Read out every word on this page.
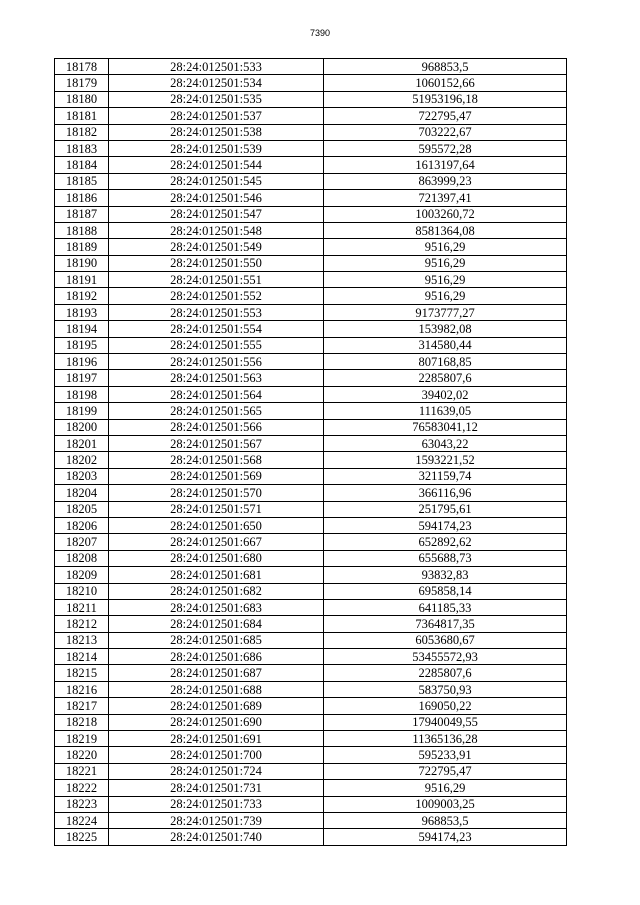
7390
18178	28:24:012501:533	968853,5
18179	28:24:012501:534	1060152,66
18180	28:24:012501:535	51953196,18
18181	28:24:012501:537	722795,47
18182	28:24:012501:538	703222,67
18183	28:24:012501:539	595572,28
18184	28:24:012501:544	1613197,64
18185	28:24:012501:545	863999,23
18186	28:24:012501:546	721397,41
18187	28:24:012501:547	1003260,72
18188	28:24:012501:548	8581364,08
18189	28:24:012501:549	9516,29
18190	28:24:012501:550	9516,29
18191	28:24:012501:551	9516,29
18192	28:24:012501:552	9516,29
18193	28:24:012501:553	9173777,27
18194	28:24:012501:554	153982,08
18195	28:24:012501:555	314580,44
18196	28:24:012501:556	807168,85
18197	28:24:012501:563	2285807,6
18198	28:24:012501:564	39402,02
18199	28:24:012501:565	111639,05
18200	28:24:012501:566	76583041,12
18201	28:24:012501:567	63043,22
18202	28:24:012501:568	1593221,52
18203	28:24:012501:569	321159,74
18204	28:24:012501:570	366116,96
18205	28:24:012501:571	251795,61
18206	28:24:012501:650	594174,23
18207	28:24:012501:667	652892,62
18208	28:24:012501:680	655688,73
18209	28:24:012501:681	93832,83
18210	28:24:012501:682	695858,14
18211	28:24:012501:683	641185,33
18212	28:24:012501:684	7364817,35
18213	28:24:012501:685	6053680,67
18214	28:24:012501:686	53455572,93
18215	28:24:012501:687	2285807,6
18216	28:24:012501:688	583750,93
18217	28:24:012501:689	169050,22
18218	28:24:012501:690	17940049,55
18219	28:24:012501:691	11365136,28
18220	28:24:012501:700	595233,91
18221	28:24:012501:724	722795,47
18222	28:24:012501:731	9516,29
18223	28:24:012501:733	1009003,25
18224	28:24:012501:739	968853,5
18225	28:24:012501:740	594174,23
